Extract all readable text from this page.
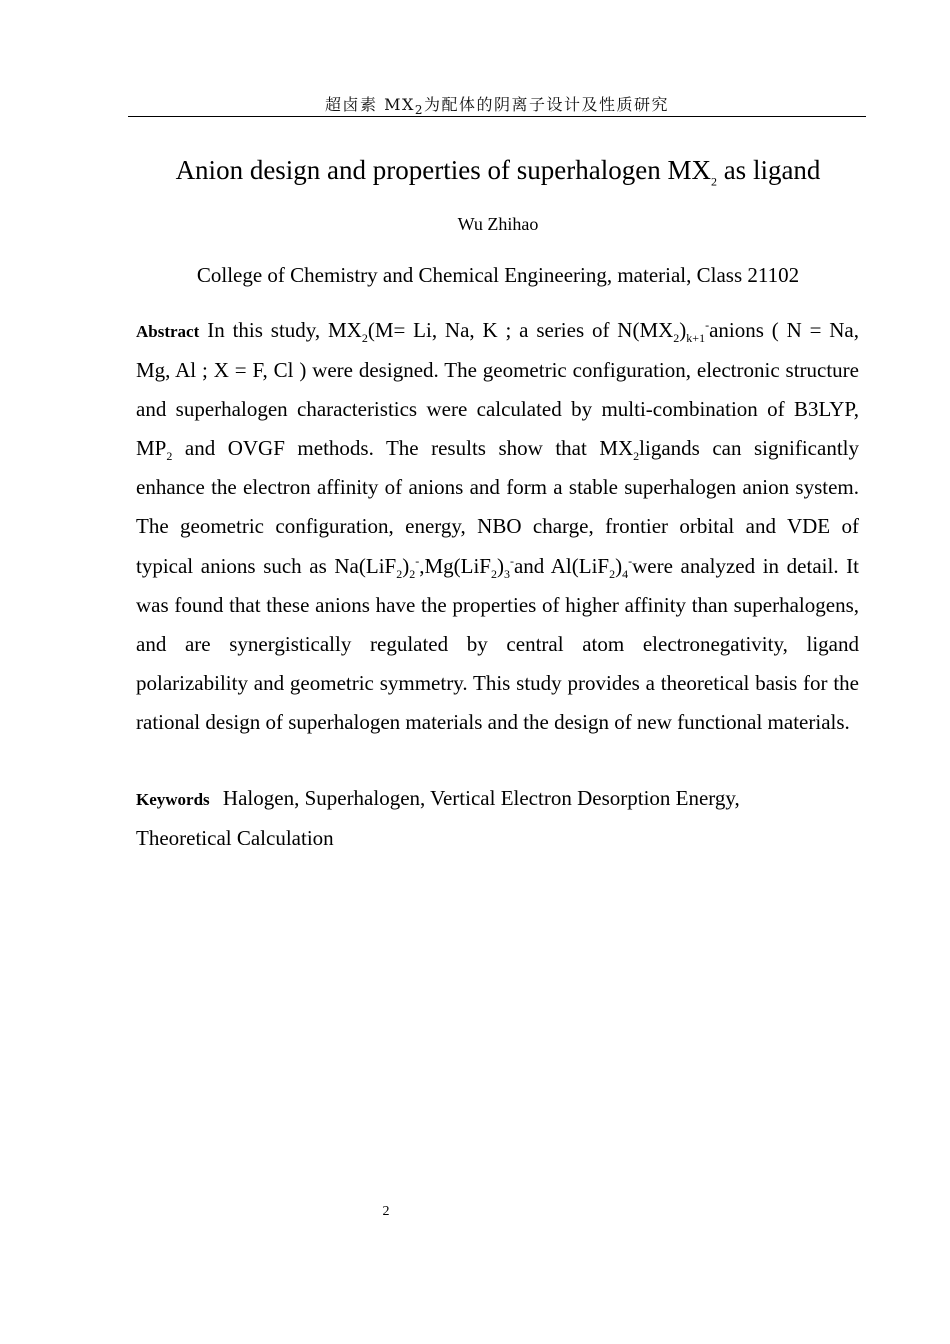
超卤素 $MX_2$为配体的阴离子设计及性质研究
Anion design and properties of superhalogen $MX_2$ as ligand
Wu Zhihao
College of Chemistry and Chemical Engineering, material, Class 21102
Abstract In this study, $MX_2(M= Li$, Na, K ; a series of $N(MX_2)_{k+1}^-anions$ ( N = Na, Mg, Al ; X = F, Cl ) were designed. The geometric configuration, electronic structure and superhalogen characteristics were calculated by multi-combination of B3LYP, $MP_2$ and OVGF methods. The results show that $MX_2ligands$ can significantly enhance the electron affinity of anions and form a stable superhalogen anion system. The geometric configuration, energy, NBO charge, frontier orbital and VDE of typical anions such as $Na(LiF_2)_2^-,Mg(LiF_2)_3^-and$ $Al(LiF_2)_4^-were$ analyzed in detail. It was found that these anions have the properties of higher affinity than superhalogens, and are synergistically regulated by central atom electronegativity, ligand polarizability and geometric symmetry. This study provides a theoretical basis for the rational design of superhalogen materials and the design of new functional materials.
Keywords Halogen, Superhalogen, Vertical Electron Desorption Energy,
Theoretical Calculation
2
